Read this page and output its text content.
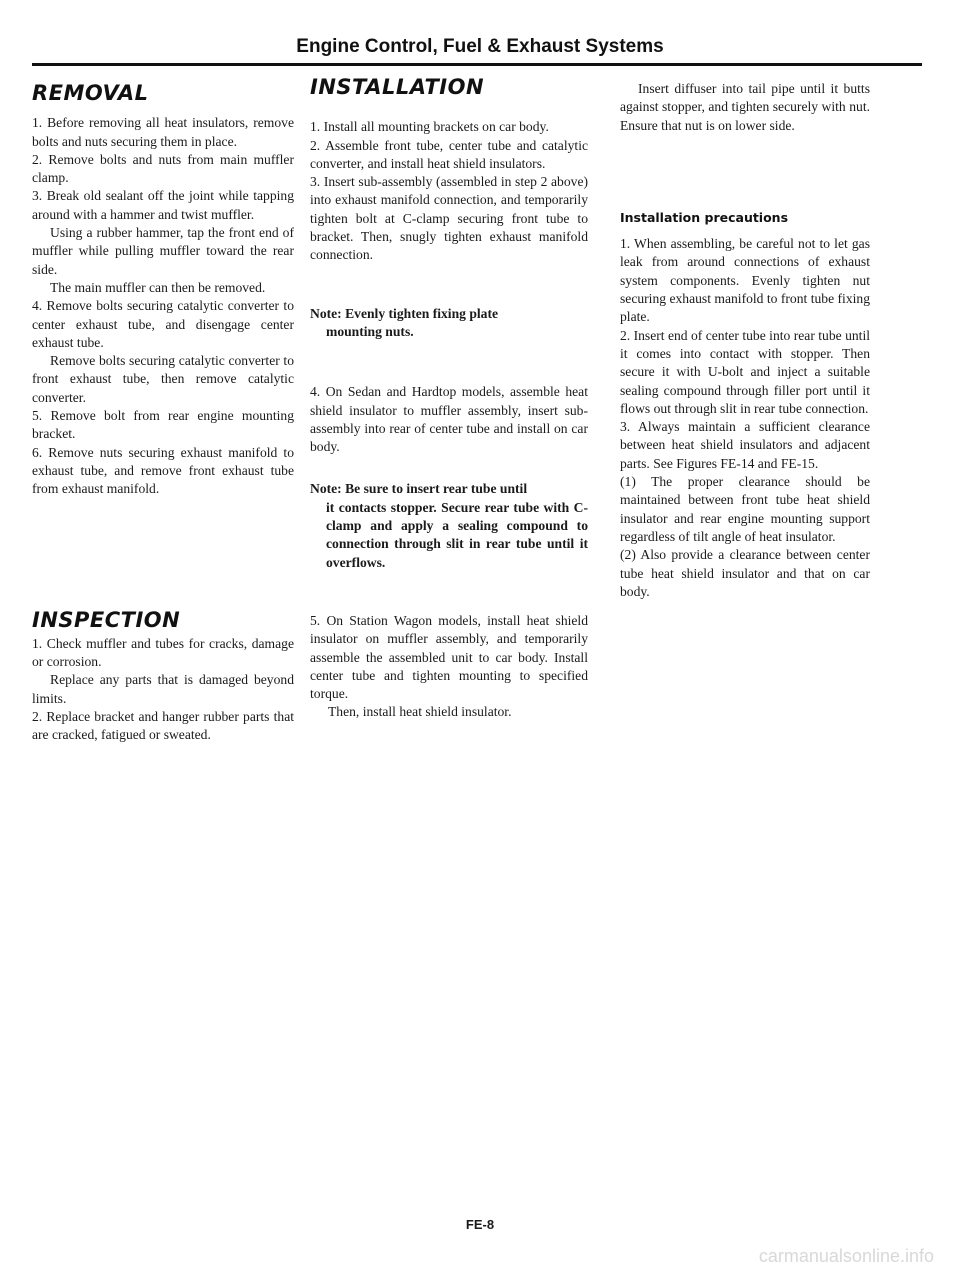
Engine Control, Fuel & Exhaust Systems
REMOVAL

1. Before removing all heat insulators, remove bolts and nuts securing them in place.

2. Remove bolts and nuts from main muffler clamp.

3. Break old sealant off the joint while tapping around with a hammer and twist muffler.

Using a rubber hammer, tap the front end of muffler while pulling muffler toward the rear side.

The main muffler can then be removed.

4. Remove bolts securing catalytic converter to center exhaust tube, and disengage center exhaust tube.

Remove bolts securing catalytic converter to front exhaust tube, then remove catalytic converter.

5. Remove bolt from rear engine mounting bracket.

6. Remove nuts securing exhaust manifold to exhaust tube, and remove front exhaust tube from exhaust manifold.

INSPECTION

1. Check muffler and tubes for cracks, damage or corrosion.

Replace any parts that is damaged beyond limits.

2. Replace bracket and hanger rubber parts that are cracked, fatigued or sweated.

INSTALLATION

1. Install all mounting brackets on car body.

2. Assemble front tube, center tube and catalytic converter, and install heat shield insulators.

3. Insert sub-assembly (assembled in step 2 above) into exhaust manifold connection, and temporarily tighten bolt at C-clamp securing front tube to bracket. Then, snugly tighten exhaust manifold connection.

Note: Evenly tighten fixing plate
mounting nuts.

4. On Sedan and Hardtop models, assemble heat shield insulator to muffler assembly, insert sub-assembly into rear of center tube and install on car body.

Note: Be sure to insert rear tube until
it contacts stopper. Secure rear tube with C-clamp and apply a sealing compound to connection through slit in rear tube until it overflows.

5. On Station Wagon models, install heat shield insulator on muffler assembly, and temporarily assemble the assembled unit to car body. Install center tube and tighten mounting to specified torque.

Then, install heat shield insulator.

Insert diffuser into tail pipe until it butts against stopper, and tighten securely with nut. Ensure that nut is on lower side.

Installation precautions

1. When assembling, be careful not to let gas leak from around connections of exhaust system components. Evenly tighten nut securing exhaust manifold to front tube fixing plate.

2. Insert end of center tube into rear tube until it comes into contact with stopper. Then secure it with U-bolt and inject a suitable sealing compound through filler port until it flows out through slit in rear tube connection.

3. Always maintain a sufficient clearance between heat shield insulators and adjacent parts. See Figures FE-14 and FE-15.

(1) The proper clearance should be maintained between front tube heat shield insulator and rear engine mounting support regardless of tilt angle of heat insulator.

(2) Also provide a clearance between center tube heat shield insulator and that on car body.

FE-8
carmanualsonline.info
